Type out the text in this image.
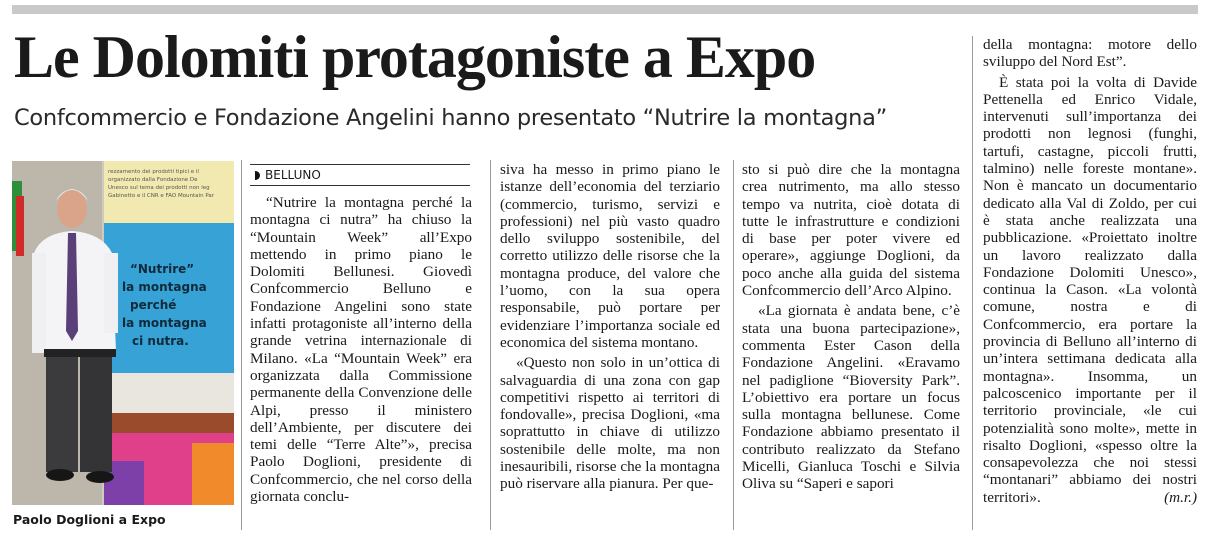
Le Dolomiti protagoniste a Expo
Confcommercio e Fondazione Angelini hanno presentato “Nutrire la montagna”
rezzamento dei prodotti tipici e il
organizzato dalla Fondazione De
Unesco sul tema dei prodotti non leg
Gabinetto e il CNR e FAO Mountain Par
“Nutrire”
la montagna
perché
la montagna
ci nutra.
Paolo Doglioni a Expo
BELLUNO

“Nutrire la montagna perché la montagna ci nutra” ha chiuso la “Mountain Week” all’Expo mettendo in primo piano le Dolomiti Bellunesi. Giovedì Confcommercio Belluno e Fondazione Angelini sono state infatti protagoniste all’interno della grande vetrina internazionale di Milano. «La “Mountain Week” era organizzata dalla Commissione permanente della Convenzione delle Alpi, presso il ministero dell’Ambiente, per discutere dei temi delle “Terre Alte”», precisa Paolo Doglioni, presidente di Confcommercio, che nel corso della giornata conclu-

siva ha messo in primo piano le istanze dell’economia del terziario (commercio, turismo, servizi e professioni) nel più vasto quadro dello sviluppo sostenibile, del corretto utilizzo delle risorse che la montagna produce, del valore che l’uomo, con la sua opera responsabile, può portare per evidenziare l’importanza sociale ed economica del sistema montano.

«Questo non solo in un’ottica di salvaguardia di una zona con gap competitivi rispetto ai territori di fondovalle», precisa Doglioni, «ma soprattutto in chiave di utilizzo sostenibile delle molte, ma non inesauribili, risorse che la montagna può riservare alla pianura. Per que-

sto si può dire che la montagna crea nutrimento, ma allo stesso tempo va nutrita, cioè dotata di tutte le infrastrutture e condizioni di base per poter vivere ed operare», aggiunge Doglioni, da poco anche alla guida del sistema Confcommercio dell’Arco Alpino.

«La giornata è andata bene, c’è stata una buona partecipazione», commenta Ester Cason della Fondazione Angelini. «Eravamo nel padiglione “Bioversity Park”. L’obiettivo era portare un focus sulla montagna bellunese. Come Fondazione abbiamo presentato il contributo realizzato da Stefano Micelli, Gianluca Toschi e Silvia Oliva su “Saperi e sapori

della montagna: motore dello sviluppo del Nord Est”.

È stata poi la volta di Davide Pettenella ed Enrico Vidale, intervenuti sull’importanza dei prodotti non legnosi (funghi, tartufi, castagne, piccoli frutti, talmino) nelle foreste montane». Non è mancato un documentario dedicato alla Val di Zoldo, per cui è stata anche realizzata una pubblicazione. «Proiettato inoltre un lavoro realizzato dalla Fondazione Dolomiti Unesco», continua la Cason. «La volontà comune, nostra e di Confcommercio, era portare la provincia di Belluno all’interno di un’intera settimana dedicata alla montagna». Insomma, un palcoscenico importante per il territorio provinciale, «le cui potenzialità sono molte», mette in risalto Doglioni, «spesso oltre la consapevolezza che noi stessi “montanari” abbiamo dei nostri territori».	(m.r.)
